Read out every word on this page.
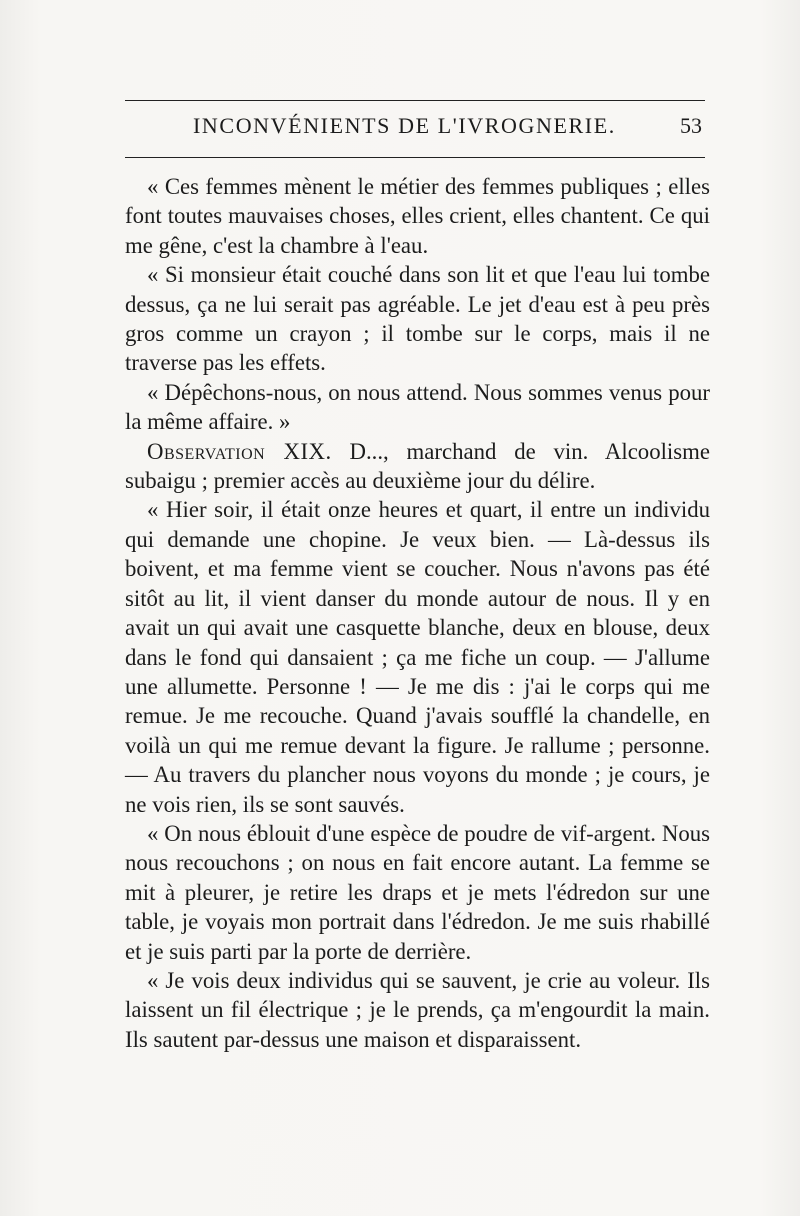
INCONVÉNIENTS DE L'IVROGNERIE.	53

« Ces femmes mènent le métier des femmes publiques ; elles font toutes mauvaises choses, elles crient, elles chantent. Ce qui me gêne, c'est la chambre à l'eau.

« Si monsieur était couché dans son lit et que l'eau lui tombe dessus, ça ne lui serait pas agréable. Le jet d'eau est à peu près gros comme un crayon ; il tombe sur le corps, mais il ne traverse pas les effets.

« Dépêchons-nous, on nous attend. Nous sommes venus pour la même affaire. »

Observation XIX. D..., marchand de vin. Alcoolisme subaigu ; premier accès au deuxième jour du délire.

« Hier soir, il était onze heures et quart, il entre un individu qui demande une chopine. Je veux bien. — Là-dessus ils boivent, et ma femme vient se coucher. Nous n'avons pas été sitôt au lit, il vient danser du monde autour de nous. Il y en avait un qui avait une casquette blanche, deux en blouse, deux dans le fond qui dansaient ; ça me fiche un coup. — J'allume une allumette. Personne ! — Je me dis : j'ai le corps qui me remue. Je me recouche. Quand j'avais soufflé la chandelle, en voilà un qui me remue devant la figure. Je rallume ; personne. — Au travers du plancher nous voyons du monde ; je cours, je ne vois rien, ils se sont sauvés.

« On nous éblouit d'une espèce de poudre de vif-argent. Nous nous recouchons ; on nous en fait encore autant. La femme se mit à pleurer, je retire les draps et je mets l'édredon sur une table, je voyais mon portrait dans l'édredon. Je me suis rhabillé et je suis parti par la porte de derrière.

« Je vois deux individus qui se sauvent, je crie au voleur. Ils laissent un fil électrique ; je le prends, ça m'engourdit la main. Ils sautent par-dessus une maison et disparaissent.
